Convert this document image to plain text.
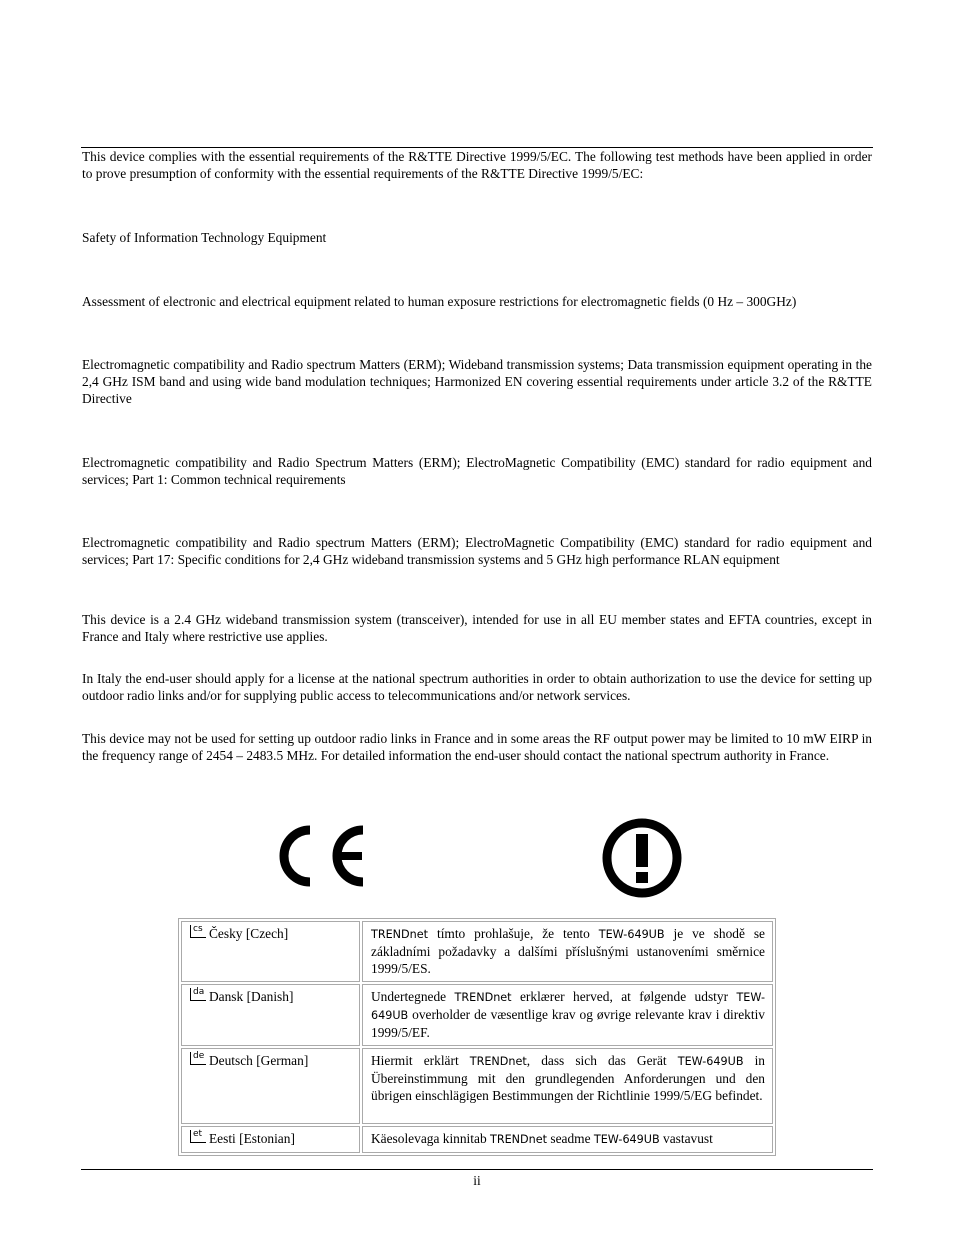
This device complies with the essential requirements of the R&TTE Directive 1999/5/EC. The following test methods have been applied in order to prove presumption of conformity with the essential requirements of the R&TTE Directive 1999/5/EC:

Safety of Information Technology Equipment

Assessment of electronic and electrical equipment related to human exposure restrictions for electromagnetic fields (0 Hz – 300GHz)

Electromagnetic compatibility and Radio spectrum Matters (ERM); Wideband transmission systems; Data transmission equipment operating in the 2,4 GHz ISM band and using wide band modulation techniques; Harmonized EN covering essential requirements under article 3.2 of the R&TTE Directive

Electromagnetic compatibility and Radio Spectrum Matters (ERM); ElectroMagnetic Compatibility (EMC) standard for radio equipment and services; Part 1: Common technical requirements

Electromagnetic compatibility and Radio spectrum Matters (ERM); ElectroMagnetic Compatibility (EMC) standard for radio equipment and services; Part 17: Specific conditions for 2,4 GHz wideband transmission systems and 5 GHz high performance RLAN equipment

This device is a 2.4 GHz wideband transmission system (transceiver), intended for use in all EU member states and EFTA countries, except in France and Italy where restrictive use applies.

In Italy the end-user should apply for a license at the national spectrum authorities in order to obtain authorization to use the device for setting up outdoor radio links and/or for supplying public access to telecommunications and/or network services.

This device may not be used for setting up outdoor radio links in France and in some areas the RF output power may be limited to 10 mW EIRP in the frequency range of 2454 – 2483.5 MHz. For detailed information the end-user should contact the national spectrum authority in France.

cs Česky [Czech]	TRENDnet tímto prohlašuje, že tento TEW-649UB je ve shodě se základními požadavky a dalšími příslušnými ustanoveními směrnice 1999/5/ES.

da Dansk [Danish]	Undertegnede TRENDnet erklærer herved, at følgende udstyr TEW-649UB overholder de væsentlige krav og øvrige relevante krav i direktiv 1999/5/EF.

de Deutsch [German]	Hiermit erklärt TRENDnet, dass sich das Gerät TEW-649UB in Übereinstimmung mit den grundlegenden Anforderungen und den übrigen einschlägigen Bestimmungen der Richtlinie 1999/5/EG befindet.

et Eesti [Estonian]	Käesolevaga kinnitab TRENDnet seadme TEW-649UB vastavust
ii
